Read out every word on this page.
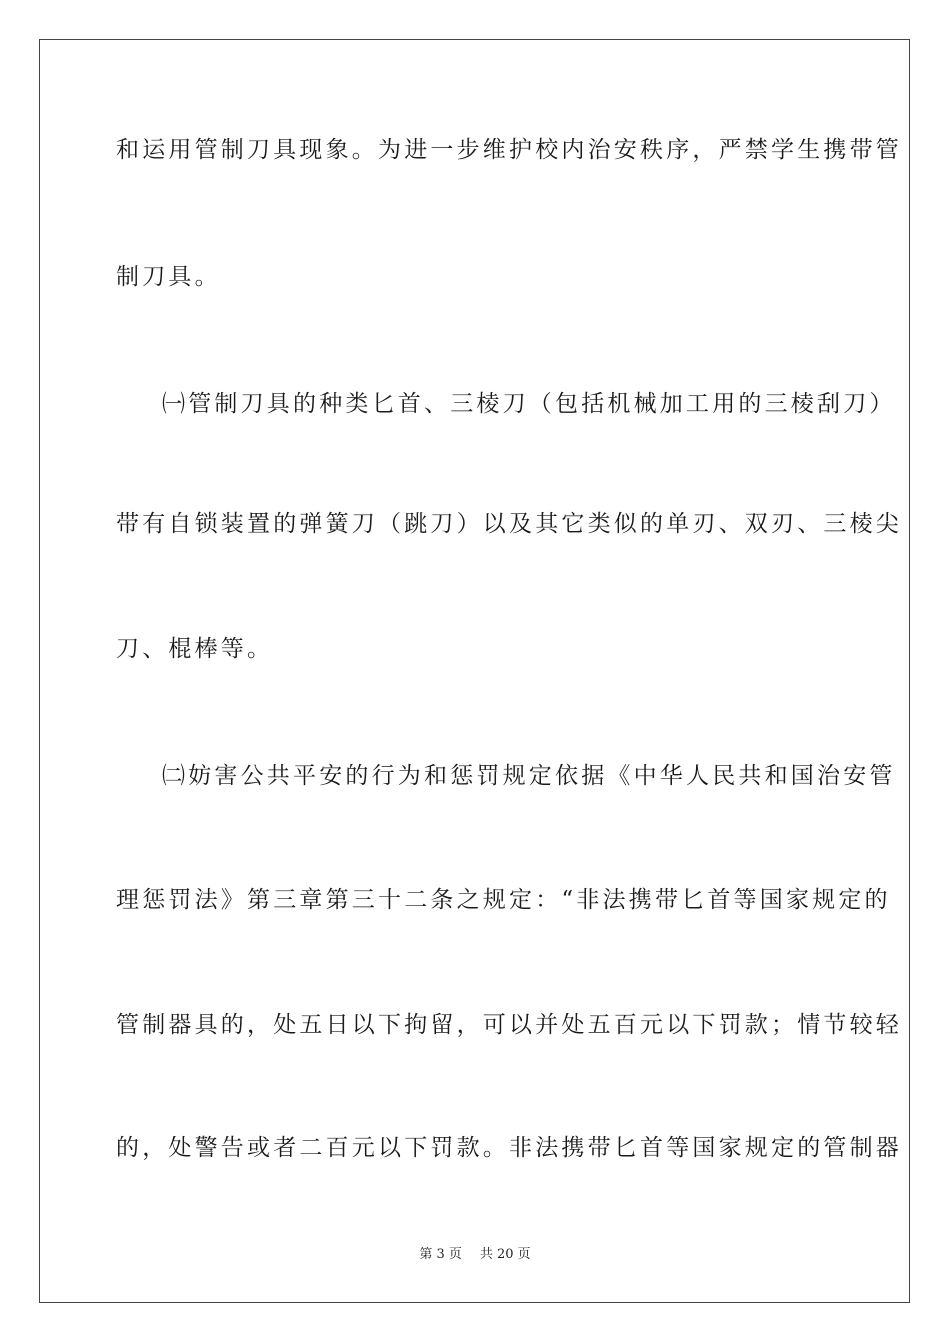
和运用管制刀具现象。为进一步维护校内治安秩序，严禁学生携带管
制刀具。
㈠管制刀具的种类匕首、三棱刀（包括机械加工用的三棱刮刀）
带有自锁装置的弹簧刀（跳刀）以及其它类似的单刃、双刃、三棱尖
刀、棍棒等。
㈡妨害公共平安的行为和惩罚规定依据《中华人民共和国治安管
理惩罚法》第三章第三十二条之规定：“非法携带匕首等国家规定的
管制器具的，处五日以下拘留，可以并处五百元以下罚款；情节较轻
的，处警告或者二百元以下罚款。非法携带匕首等国家规定的管制器
第 3 页 共 20 页
